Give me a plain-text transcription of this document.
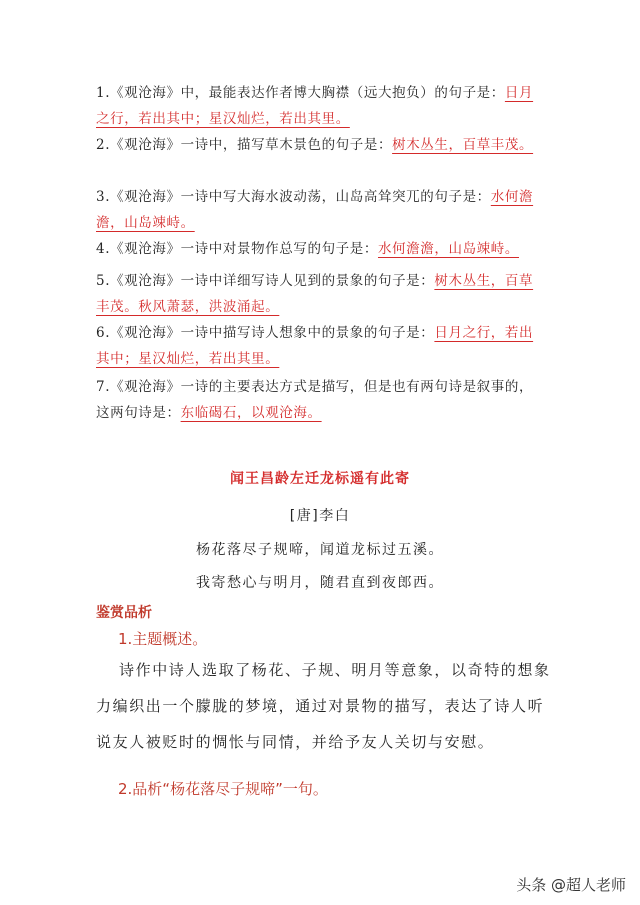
1.《观沧海》中，最能表达作者博大胸襟（远大抱负）的句子是：日月之行，若出其中；星汉灿烂，若出其里。
2.《观沧海》一诗中，描写草木景色的句子是：树木丛生，百草丰茂。
3.《观沧海》一诗中写大海水波动荡，山岛高耸突兀的句子是：水何澹澹，山岛竦峙。
4.《观沧海》一诗中对景物作总写的句子是：水何澹澹，山岛竦峙。
5.《观沧海》一诗中详细写诗人见到的景象的句子是：树木丛生，百草丰茂。秋风萧瑟，洪波涌起。
6.《观沧海》一诗中描写诗人想象中的景象的句子是：日月之行，若出其中；星汉灿烂，若出其里。
7.《观沧海》一诗的主要表达方式是描写，但是也有两句诗是叙事的，这两句诗是：东临碣石，以观沧海。
闻王昌龄左迁龙标遥有此寄
[唐]李白
杨花落尽子规啼，闻道龙标过五溪。
我寄愁心与明月，随君直到夜郎西。
鉴赏品析
1.主题概述。
诗作中诗人选取了杨花、子规、明月等意象，以奇特的想象力编织出一个朦胧的梦境，通过对景物的描写，表达了诗人听说友人被贬时的惆怅与同情，并给予友人关切与安慰。
2.品析“杨花落尽子规啼”一句。
头条 @超人老师
